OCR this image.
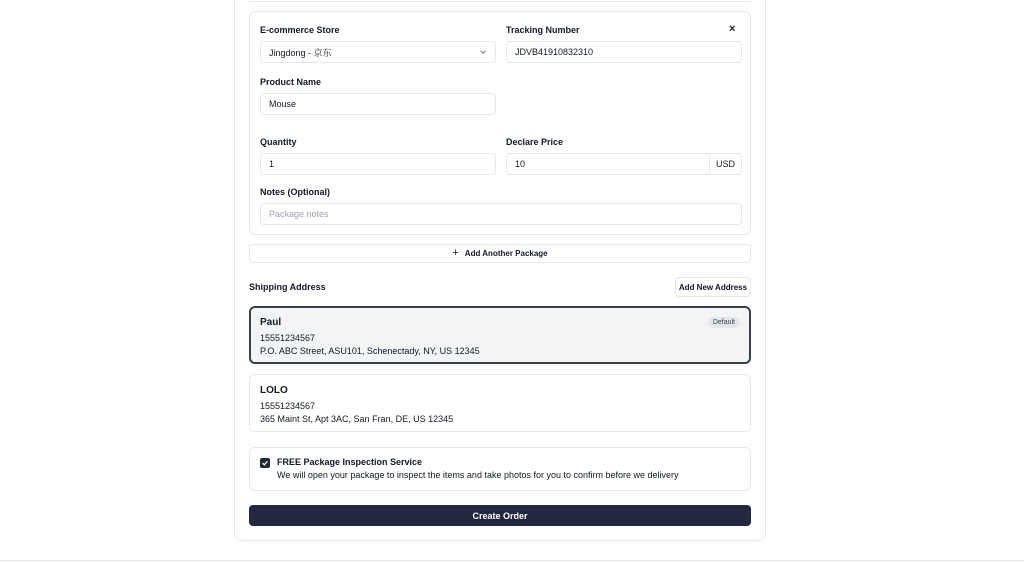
E-commerce Store
Jingdong - 京东
Tracking Number	×
JDVB41910832310
Product Name
Mouse
Quantity
1
Declare Price
10	USD
Notes (Optional)
Package notes
+ Add Another Package
Shipping Address	Add New Address
Paul
15551234567
P.O. ABC Street, ASU101, Schenectady, NY, US 12345
Default
LOLO
15551234567
365 Maint St, Apt 3AC, San Fran, DE, US 12345
FREE Package Inspection Service
We will open your package to inspect the items and take photos for you to confirm before we delivery
Create Order
